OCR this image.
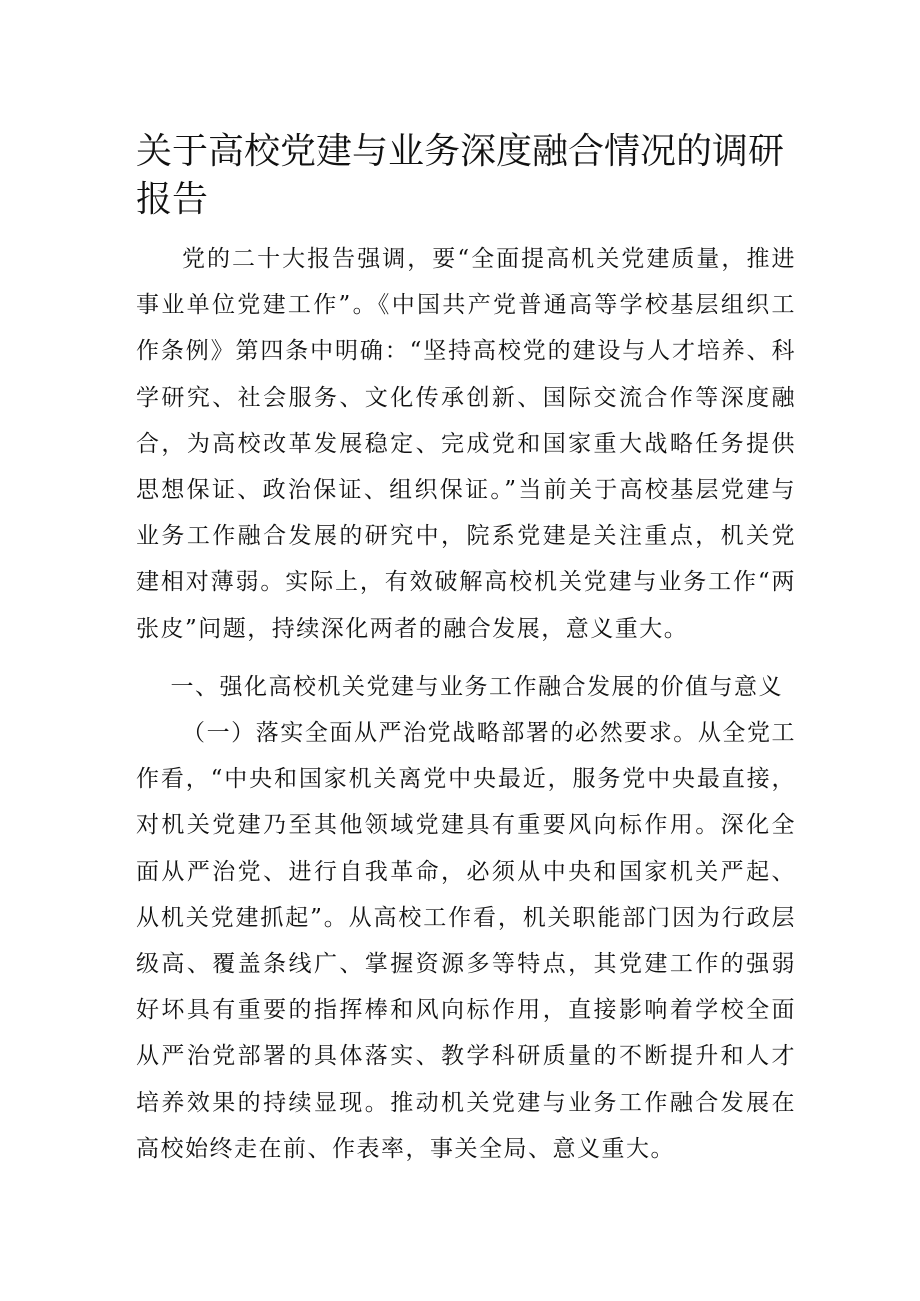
关于高校党建与业务深度融合情况的调研报告

党的二十大报告强调，要“全面提高机关党建质量，推进事业单位党建工作”。《中国共产党普通高等学校基层组织工作条例》第四条中明确：“坚持高校党的建设与人才培养、科学研究、社会服务、文化传承创新、国际交流合作等深度融合，为高校改革发展稳定、完成党和国家重大战略任务提供思想保证、政治保证、组织保证。”当前关于高校基层党建与业务工作融合发展的研究中，院系党建是关注重点，机关党建相对薄弱。实际上，有效破解高校机关党建与业务工作“两张皮”问题，持续深化两者的融合发展，意义重大。

一、强化高校机关党建与业务工作融合发展的价值与意义

（一）落实全面从严治党战略部署的必然要求。从全党工作看，“中央和国家机关离党中央最近，服务党中央最直接，对机关党建乃至其他领域党建具有重要风向标作用。深化全面从严治党、进行自我革命，必须从中央和国家机关严起、从机关党建抓起”。从高校工作看，机关职能部门因为行政层级高、覆盖条线广、掌握资源多等特点，其党建工作的强弱好坏具有重要的指挥棒和风向标作用，直接影响着学校全面从严治党部署的具体落实、教学科研质量的不断提升和人才培养效果的持续显现。推动机关党建与业务工作融合发展在高校始终走在前、作表率，事关全局、意义重大。
